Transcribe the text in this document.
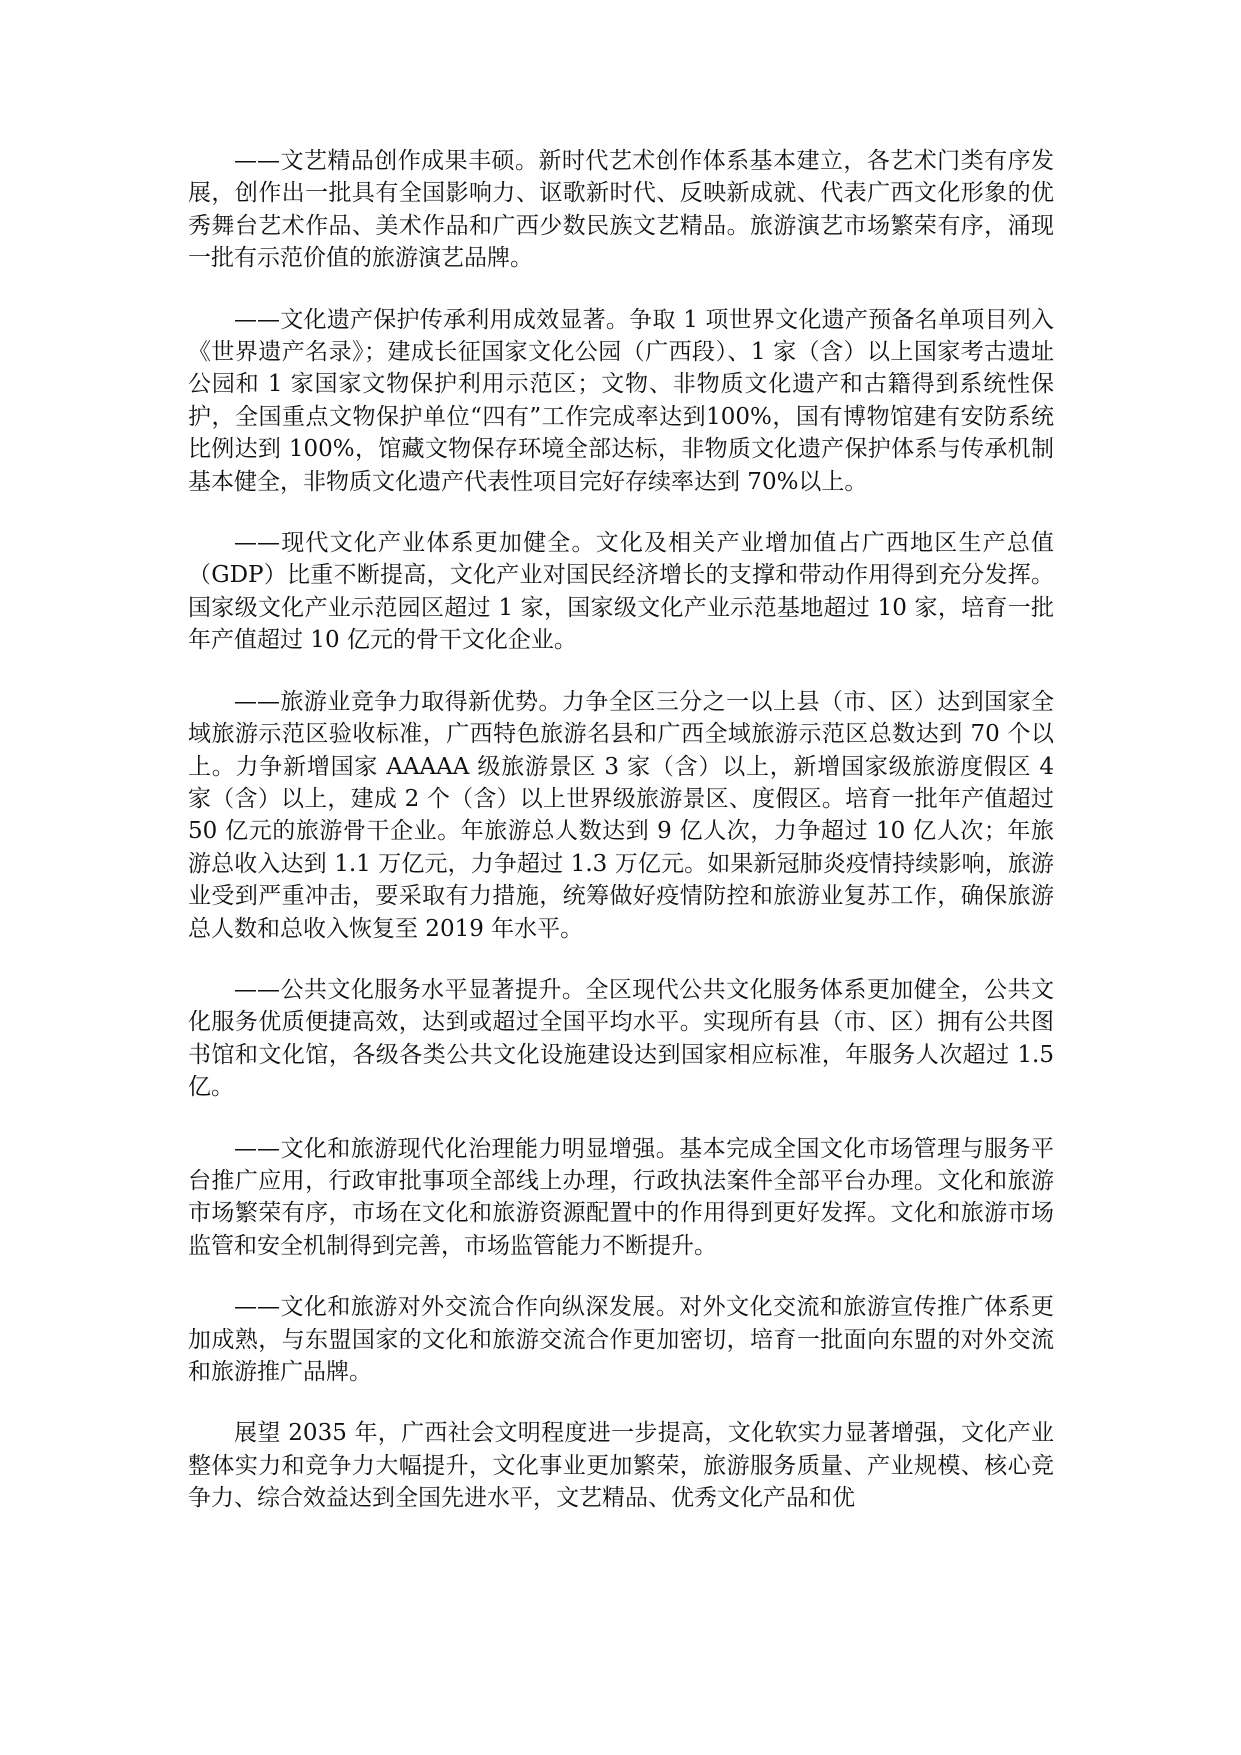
——文艺精品创作成果丰硕。新时代艺术创作体系基本建立，各艺术门类有序发展，创作出一批具有全国影响力、讴歌新时代、反映新成就、代表广西文化形象的优秀舞台艺术作品、美术作品和广西少数民族文艺精品。旅游演艺市场繁荣有序，涌现一批有示范价值的旅游演艺品牌。

——文化遗产保护传承利用成效显著。争取 1 项世界文化遗产预备名单项目列入《世界遗产名录》；建成长征国家文化公园（广西段）、1 家（含）以上国家考古遗址公园和 1 家国家文物保护利用示范区；文物、非物质文化遗产和古籍得到系统性保护，全国重点文物保护单位“四有”工作完成率达到100%，国有博物馆建有安防系统比例达到 100%，馆藏文物保存环境全部达标，非物质文化遗产保护体系与传承机制基本健全，非物质文化遗产代表性项目完好存续率达到 70%以上。

——现代文化产业体系更加健全。文化及相关产业增加值占广西地区生产总值（GDP）比重不断提高，文化产业对国民经济增长的支撑和带动作用得到充分发挥。国家级文化产业示范园区超过 1 家，国家级文化产业示范基地超过 10 家，培育一批年产值超过 10 亿元的骨干文化企业。

——旅游业竞争力取得新优势。力争全区三分之一以上县（市、区）达到国家全域旅游示范区验收标准，广西特色旅游名县和广西全域旅游示范区总数达到 70 个以上。力争新增国家 AAAAA 级旅游景区 3 家（含）以上，新增国家级旅游度假区 4 家（含）以上，建成 2 个（含）以上世界级旅游景区、度假区。培育一批年产值超过 50 亿元的旅游骨干企业。年旅游总人数达到 9 亿人次，力争超过 10 亿人次；年旅游总收入达到 1.1 万亿元，力争超过 1.3 万亿元。如果新冠肺炎疫情持续影响，旅游业受到严重冲击，要采取有力措施，统筹做好疫情防控和旅游业复苏工作，确保旅游总人数和总收入恢复至 2019 年水平。

——公共文化服务水平显著提升。全区现代公共文化服务体系更加健全，公共文化服务优质便捷高效，达到或超过全国平均水平。实现所有县（市、区）拥有公共图书馆和文化馆，各级各类公共文化设施建设达到国家相应标准，年服务人次超过 1.5 亿。

——文化和旅游现代化治理能力明显增强。基本完成全国文化市场管理与服务平台推广应用，行政审批事项全部线上办理，行政执法案件全部平台办理。文化和旅游市场繁荣有序，市场在文化和旅游资源配置中的作用得到更好发挥。文化和旅游市场监管和安全机制得到完善，市场监管能力不断提升。

——文化和旅游对外交流合作向纵深发展。对外文化交流和旅游宣传推广体系更加成熟，与东盟国家的文化和旅游交流合作更加密切，培育一批面向东盟的对外交流和旅游推广品牌。

展望 2035 年，广西社会文明程度进一步提高，文化软实力显著增强，文化产业整体实力和竞争力大幅提升，文化事业更加繁荣，旅游服务质量、产业规模、核心竞争力、综合效益达到全国先进水平，文艺精品、优秀文化产品和优
